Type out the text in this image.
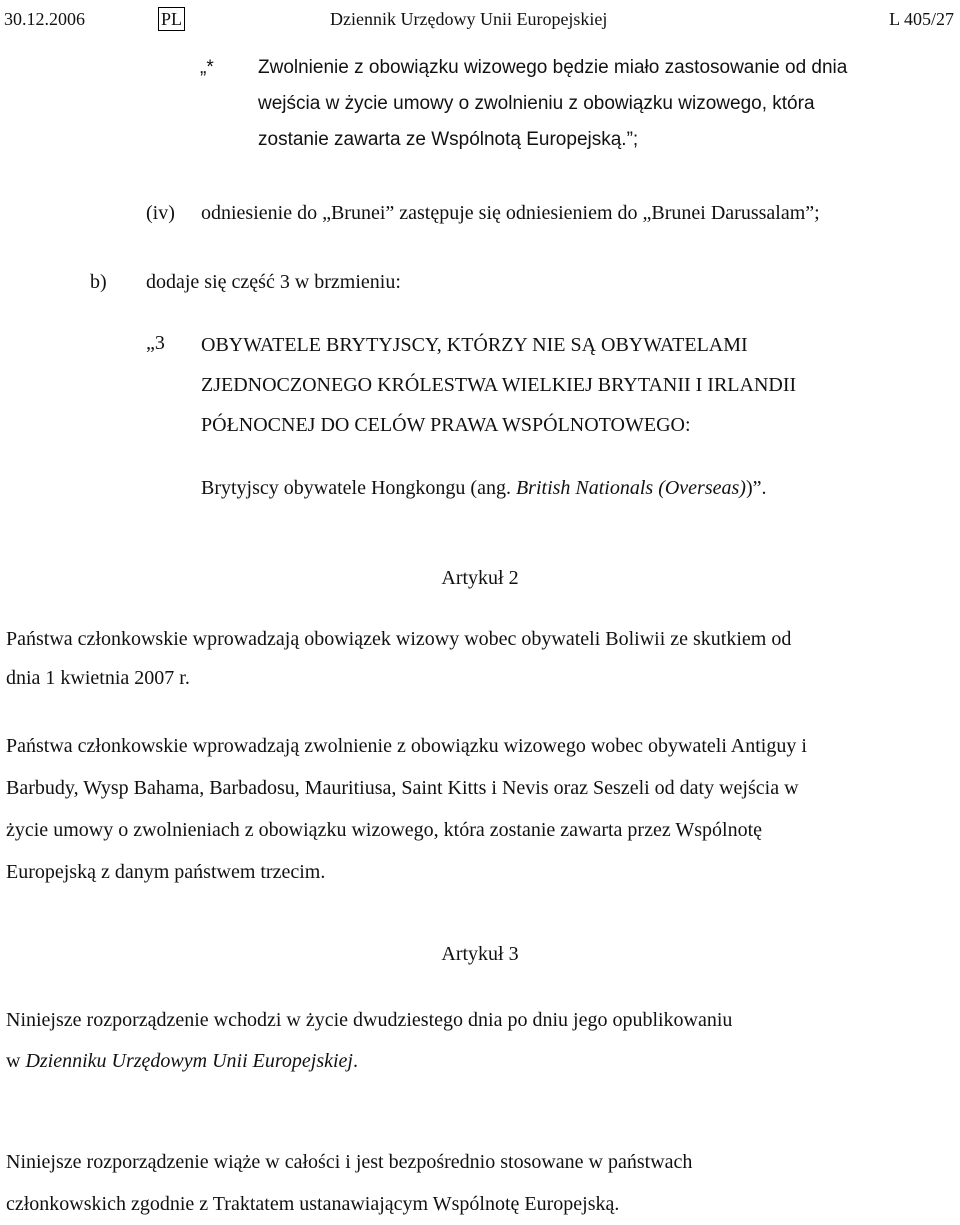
30.12.2006	PL	Dziennik Urzędowy Unii Europejskiej	L 405/27
„* Zwolnienie z obowiązku wizowego będzie miało zastosowanie od dnia
wejścia w życie umowy o zwolnieniu z obowiązku wizowego, która
zostanie zawarta ze Wspólnotą Europejską.”;
(iv) odniesienie do „Brunei” zastępuje się odniesieniem do „Brunei Darussalam”;
b) dodaje się część 3 w brzmieniu:
„3 OBYWATELE BRYTYJSCY, KTÓRZY NIE SĄ OBYWATELAMI
ZJEDNOCZONEGO KRÓLESTWA WIELKIEJ BRYTANII I IRLANDII
PÓŁNOCNEJ DO CELÓW PRAWA WSPÓLNOTOWEGO:
Brytyjscy obywatele Hongkongu (ang. British Nationals (Overseas))”.
Artykuł 2
Państwa członkowskie wprowadzają obowiązek wizowy wobec obywateli Boliwii ze skutkiem od
dnia 1 kwietnia 2007 r.
Państwa członkowskie wprowadzają zwolnienie z obowiązku wizowego wobec obywateli Antiguy i
Barbudy, Wysp Bahama, Barbadosu, Mauritiusa, Saint Kitts i Nevis oraz Seszeli od daty wejścia w
życie umowy o zwolnieniach z obowiązku wizowego, która zostanie zawarta przez Wspólnotę
Europejską z danym państwem trzecim.
Artykuł 3
Niniejsze rozporządzenie wchodzi w życie dwudziestego dnia po dniu jego opublikowaniu
w Dzienniku Urzędowym Unii Europejskiej.
Niniejsze rozporządzenie wiąże w całości i jest bezpośrednio stosowane w państwach
członkowskich zgodnie z Traktatem ustanawiającym Wspólnotę Europejską.
